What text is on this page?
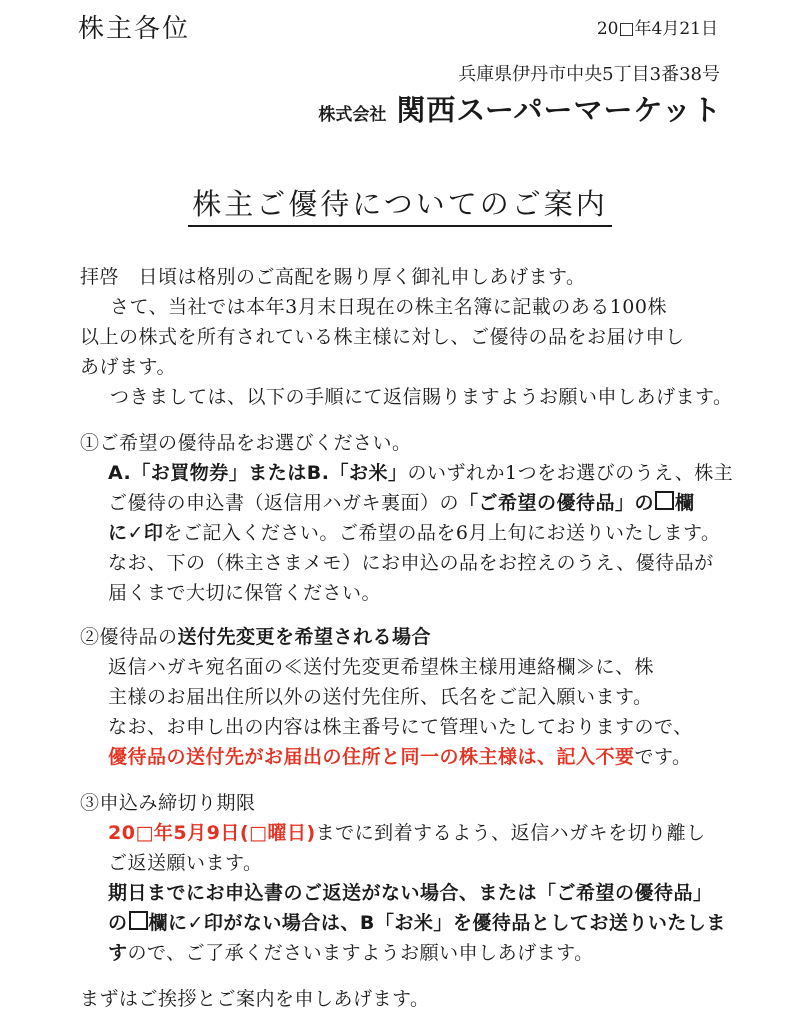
株主各位	20□年4月21日
兵庫県伊丹市中央5丁目3番38号
株式会社 関西スーパーマーケット
株主ご優待についてのご案内
拝啓　日頃は格別のご高配を賜り厚く御礼申しあげます。
さて、当社では本年3月末日現在の株主名簿に記載のある100株
以上の株式を所有されている株主様に対し、ご優待の品をお届け申し
あげます。
つきましては、以下の手順にて返信賜りますようお願い申しあげます。
①ご希望の優待品をお選びください。
A.「お買物券」またはB.「お米」のいずれか1つをお選びのうえ、株主
ご優待の申込書（返信用ハガキ裏面）の「ご希望の優待品」の 欄
に✓印をご記入ください。ご希望の品を6月上旬にお送りいたします。
なお、下の（株主さまメモ）にお申込の品をお控えのうえ、優待品が
届くまで大切に保管ください。
②優待品の送付先変更を希望される場合
返信ハガキ宛名面の≪送付先変更希望株主様用連絡欄≫に、株
主様のお届出住所以外の送付先住所、氏名をご記入願います。
なお、お申し出の内容は株主番号にて管理いたしておりますので、
優待品の送付先がお届出の住所と同一の株主様は、記入不要です。
③申込み締切り期限
20□年5月9日(□曜日)までに到着するよう、返信ハガキを切り離し
ご返送願います。
期日までにお申込書のご返送がない場合、または「ご希望の優待品」
の 欄に✓印がない場合は、B「お米」を優待品としてお送りいたしま
すので、ご了承くださいますようお願い申しあげます。
まずはご挨拶とご案内を申しあげます。
